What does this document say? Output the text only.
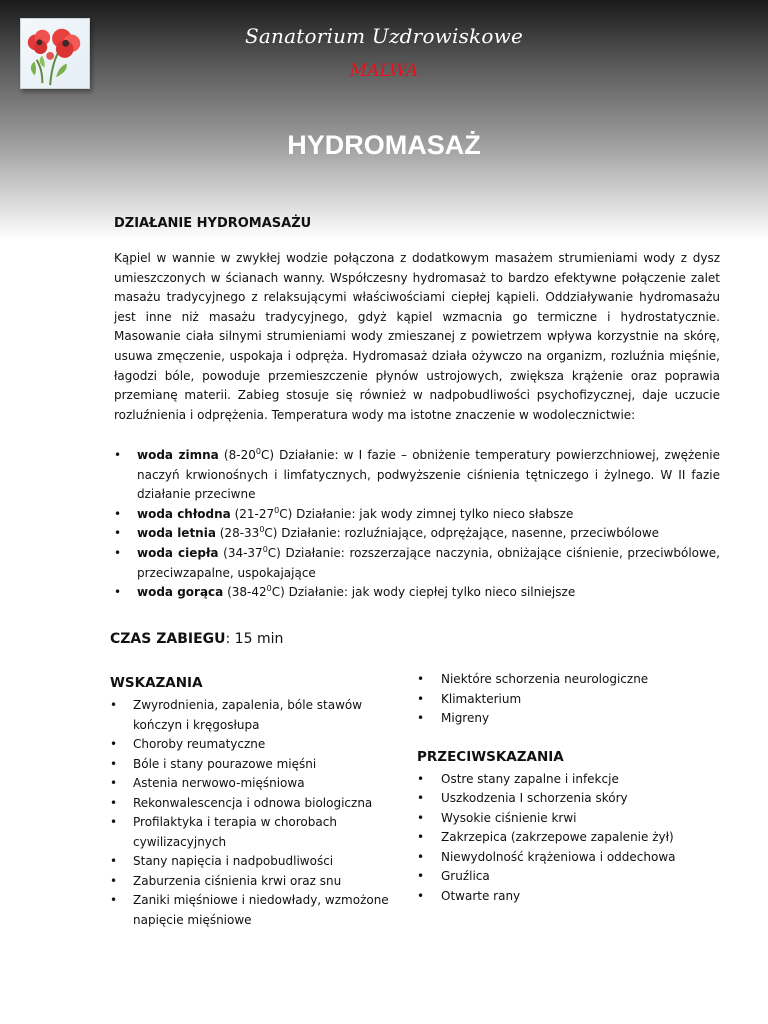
Sanatorium Uzdrowiskowe
MALWA
HYDROMASAŻ
DZIAŁANIE HYDROMASAŻU

Kąpiel w wannie w zwykłej wodzie połączona z dodatkowym masażem strumieniami wody z dysz umieszczonych w ścianach wanny. Współczesny hydromasaż to bardzo efektywne połączenie zalet masażu tradycyjnego z relaksującymi właściwościami ciepłej kąpieli. Oddziaływanie hydromasażu jest inne niż masażu tradycyjnego, gdyż kąpiel wzmacnia go termiczne i hydrostatycznie. Masowanie ciała silnymi strumieniami wody zmieszanej z powietrzem wpływa korzystnie na skórę, usuwa zmęczenie, uspokaja i odpręża. Hydromasaż działa ożywczo na organizm, rozluźnia mięśnie, łagodzi bóle, powoduje przemieszczenie płynów ustrojowych, zwiększa krążenie oraz poprawia przemianę materii. Zabieg stosuje się również w nadpobudliwości psychofizycznej, daje uczucie rozluźnienia i odprężenia. Temperatura wody ma istotne znaczenie w wodolecznictwie:

• woda zimna $(8-20^0C)$ Działanie: w I fazie – obniżenie temperatury powierzchniowej, zwężenie naczyń krwionośnych i limfatycznych, podwyższenie ciśnienia tętniczego i żylnego. W II fazie działanie przeciwne
• woda chłodna $(21-27^0C)$ Działanie: jak wody zimnej tylko nieco słabsze
• woda letnia $(28-33^0C)$ Działanie: rozluźniające, odprężające, nasenne, przeciwbólowe
• woda ciepła $(34-37^0C)$ Działanie: rozszerzające naczynia, obniżające ciśnienie, przeciwbólowe, przeciwzapalne, uspokajające
• woda gorąca $(38-42^0C)$ Działanie: jak wody ciepłej tylko nieco silniejsze
CZAS ZABIEGU: 15 min
WSKAZANIA
• Zwyrodnienia, zapalenia, bóle stawów kończyn i kręgosłupa
• Choroby reumatyczne
• Bóle i stany pourazowe mięśni
• Astenia nerwowo-mięśniowa
• Rekonwalescencja i odnowa biologiczna
• Profilaktyka i terapia w chorobach cywilizacyjnych
• Stany napięcia i nadpobudliwości
• Zaburzenia ciśnienia krwi oraz snu
• Zaniki mięśniowe i niedowłady, wzmożone napięcie mięśniowe
• Niektóre schorzenia neurologiczne
• Klimakterium
• Migreny
PRZECIWSKAZANIA
• Ostre stany zapalne i infekcje
• Uszkodzenia I schorzenia skóry
• Wysokie ciśnienie krwi
• Zakrzepica (zakrzepowe zapalenie żył)
• Niewydolność krążeniowa i oddechowa
• Gruźlica
• Otwarte rany
